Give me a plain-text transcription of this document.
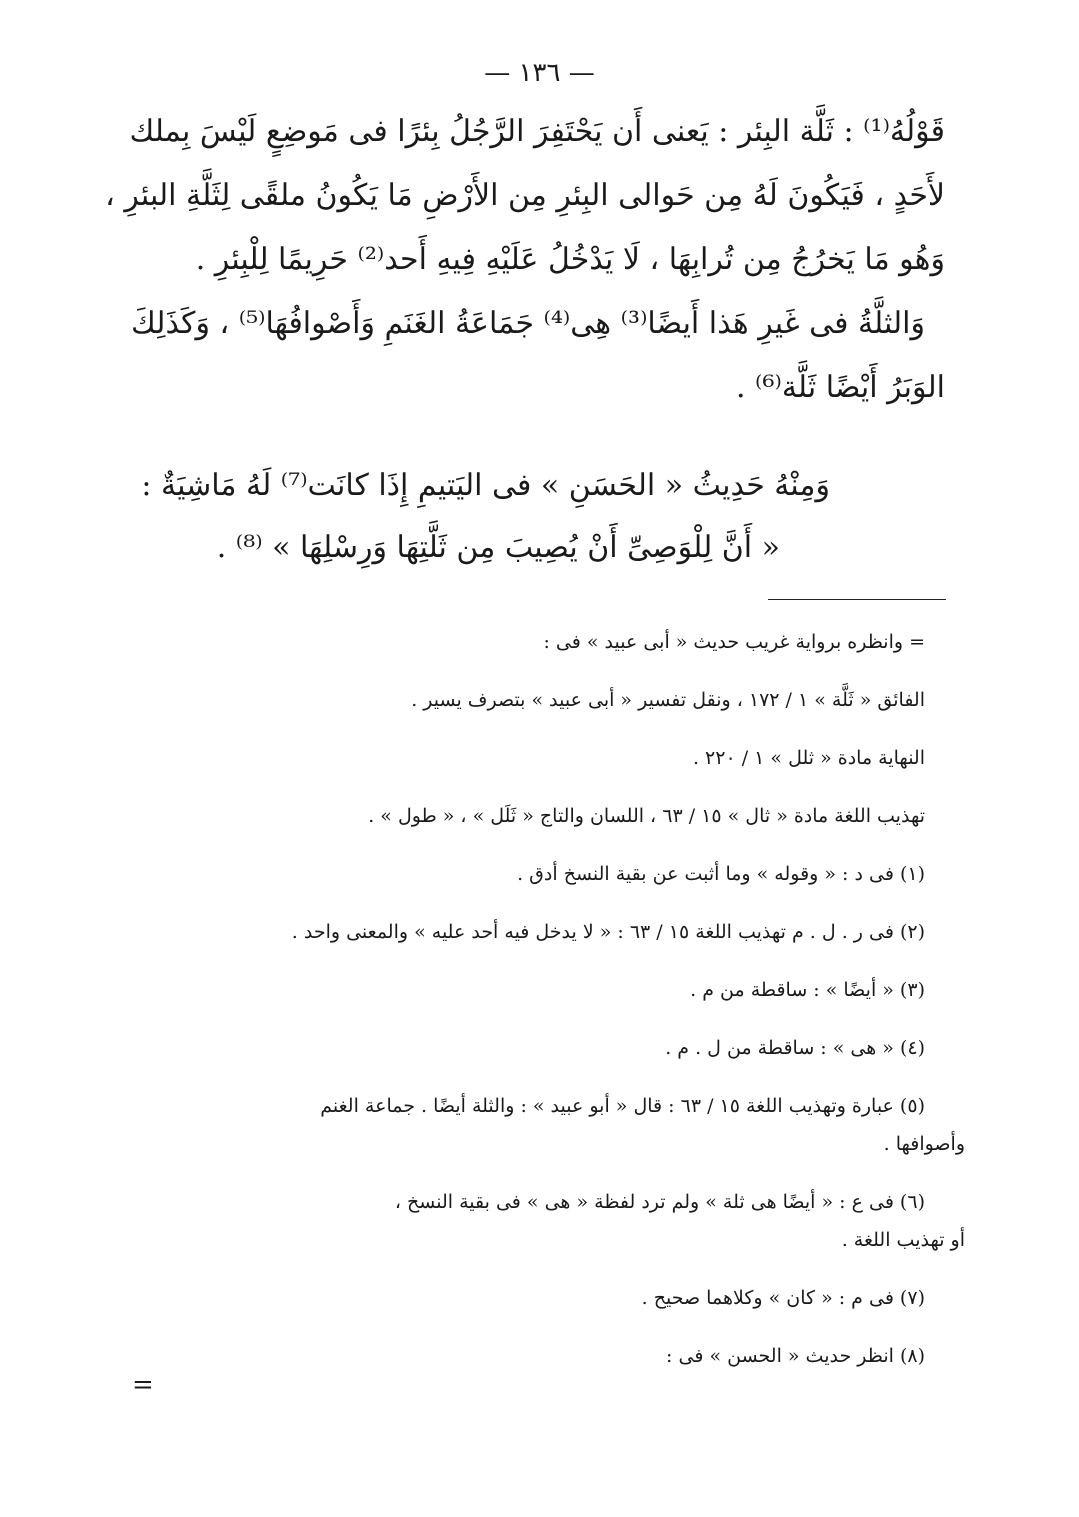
— ١٣٦ —

قَوْلُهُ⁽¹⁾ : ثَلَّة البِئر : يَعنى أَن يَحْتَفِرَ الرَّجُلُ بِئرًا فى مَوضِعٍ لَيْسَ بِملك

لأَحَدٍ ، فَيَكُونَ لَهُ مِن حَوالى البِئرِ مِن الأَرْضِ مَا يَكُونُ ملقًى لِثَلَّةِ البئرِ ،

وَهُو مَا يَخرُجُ مِن تُرابِهَا ، لَا يَدْخُلُ عَلَيْهِ فِيهِ أَحد⁽²⁾ حَرِيمًا لِلْبِئرِ .

وَالثلَّةُ فى غَيرِ هَذا أَيضًا⁽³⁾ هِى⁽⁴⁾ جَمَاعَةُ الغَنَمِ وَأَصْوافُهَا⁽⁵⁾ ، وَكَذَلِكَ

الوَبَرُ أَيْضًا ثَلَّة⁽⁶⁾ .

وَمِنْهُ حَدِيثُ « الحَسَنِ » فى اليَتيمِ إِذَا كانَت⁽⁷⁾ لَهُ مَاشِيَةٌ :

« أَنَّ لِلْوَصِىِّ أَنْ يُصِيبَ مِن ثَلَّتِهَا وَرِسْلِهَا » ⁽⁸⁾ .

= وانظره برواية غريب حديث « أبى عبيد » فى :

الفائق « ثَلَّة » ١ / ١٧٢ ، ونقل تفسير « أبى عبيد » بتصرف يسير .

النهاية مادة « ثلل » ١ / ٢٢٠ .

تهذيب اللغة مادة « ثال » ١٥ / ٦٣ ، اللسان والتاج « ثَلَل » ، « طول » .

(١) فى د : « وقوله » وما أثبت عن بقية النسخ أدق .

(٢) فى ر . ل . م تهذيب اللغة ١٥ / ٦٣ : « لا يدخل فيه أحد عليه » والمعنى واحد .

(٣) « أيضًا » : ساقطة من م .

(٤) « هى » : ساقطة من ل . م .

(٥) عبارة وتهذيب اللغة ١٥ / ٦٣ : قال « أبو عبيد » : والثلة أيضًا . جماعة الغنم

وأصوافها .

(٦) فى ع : « أيضًا هى ثلة » ولم ترد لفظة « هى » فى بقية النسخ ،

أو تهذيب اللغة .

(٧) فى م : « كان » وكلاهما صحيح .

(٨) انظر حديث « الحسن » فى :

=
